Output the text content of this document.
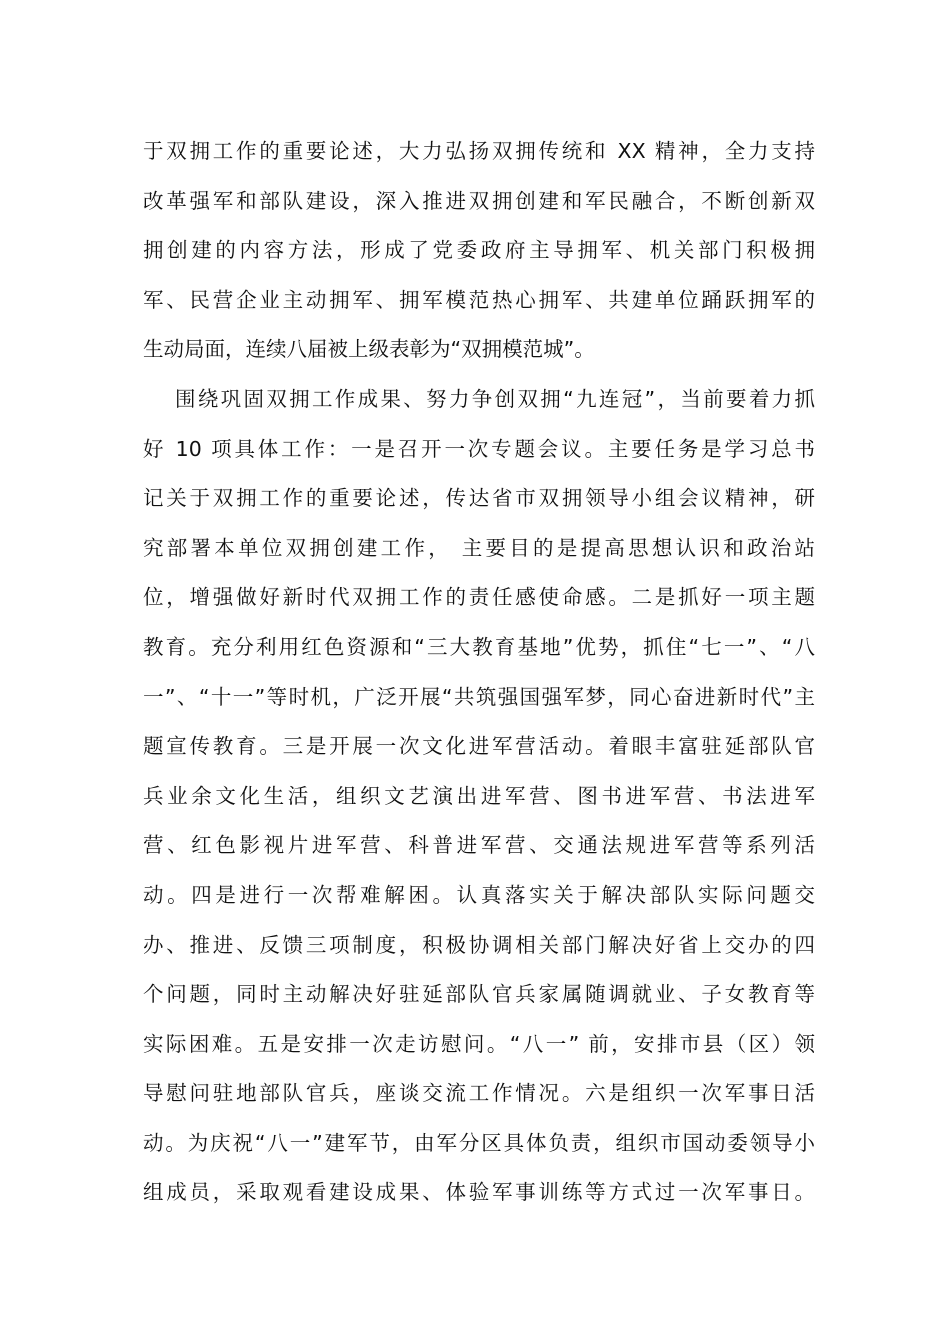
于双拥工作的重要论述，大力弘扬双拥传统和 XX 精神，全力支持
改革强军和部队建设，深入推进双拥创建和军民融合，不断创新双
拥创建的内容方法，形成了党委政府主导拥军、机关部门积极拥
军、民营企业主动拥军、拥军模范热心拥军、共建单位踊跃拥军的
生动局面，连续八届被上级表彰为“双拥模范城”。
围绕巩固双拥工作成果、努力争创双拥“九连冠”，当前要着力抓
好 10 项具体工作：一是召开一次专题会议。主要任务是学习总书
记关于双拥工作的重要论述，传达省市双拥领导小组会议精神，研
究部署本单位双拥创建工作， 主要目的是提高思想认识和政治站
位，增强做好新时代双拥工作的责任感使命感。二是抓好一项主题
教育。充分利用红色资源和“三大教育基地”优势，抓住“七一”、“八
一”、“十一”等时机，广泛开展“共筑强国强军梦，同心奋进新时代”主
题宣传教育。三是开展一次文化进军营活动。着眼丰富驻延部队官
兵业余文化生活，组织文艺演出进军营、图书进军营、书法进军
营、红色影视片进军营、科普进军营、交通法规进军营等系列活
动。四是进行一次帮难解困。认真落实关于解决部队实际问题交
办、推进、反馈三项制度，积极协调相关部门解决好省上交办的四
个问题，同时主动解决好驻延部队官兵家属随调就业、子女教育等
实际困难。五是安排一次走访慰问。“八一” 前，安排市县（区）领
导慰问驻地部队官兵，座谈交流工作情况。六是组织一次军事日活
动。为庆祝“八一”建军节，由军分区具体负责，组织市国动委领导小
组成员，采取观看建设成果、体验军事训练等方式过一次军事日。
